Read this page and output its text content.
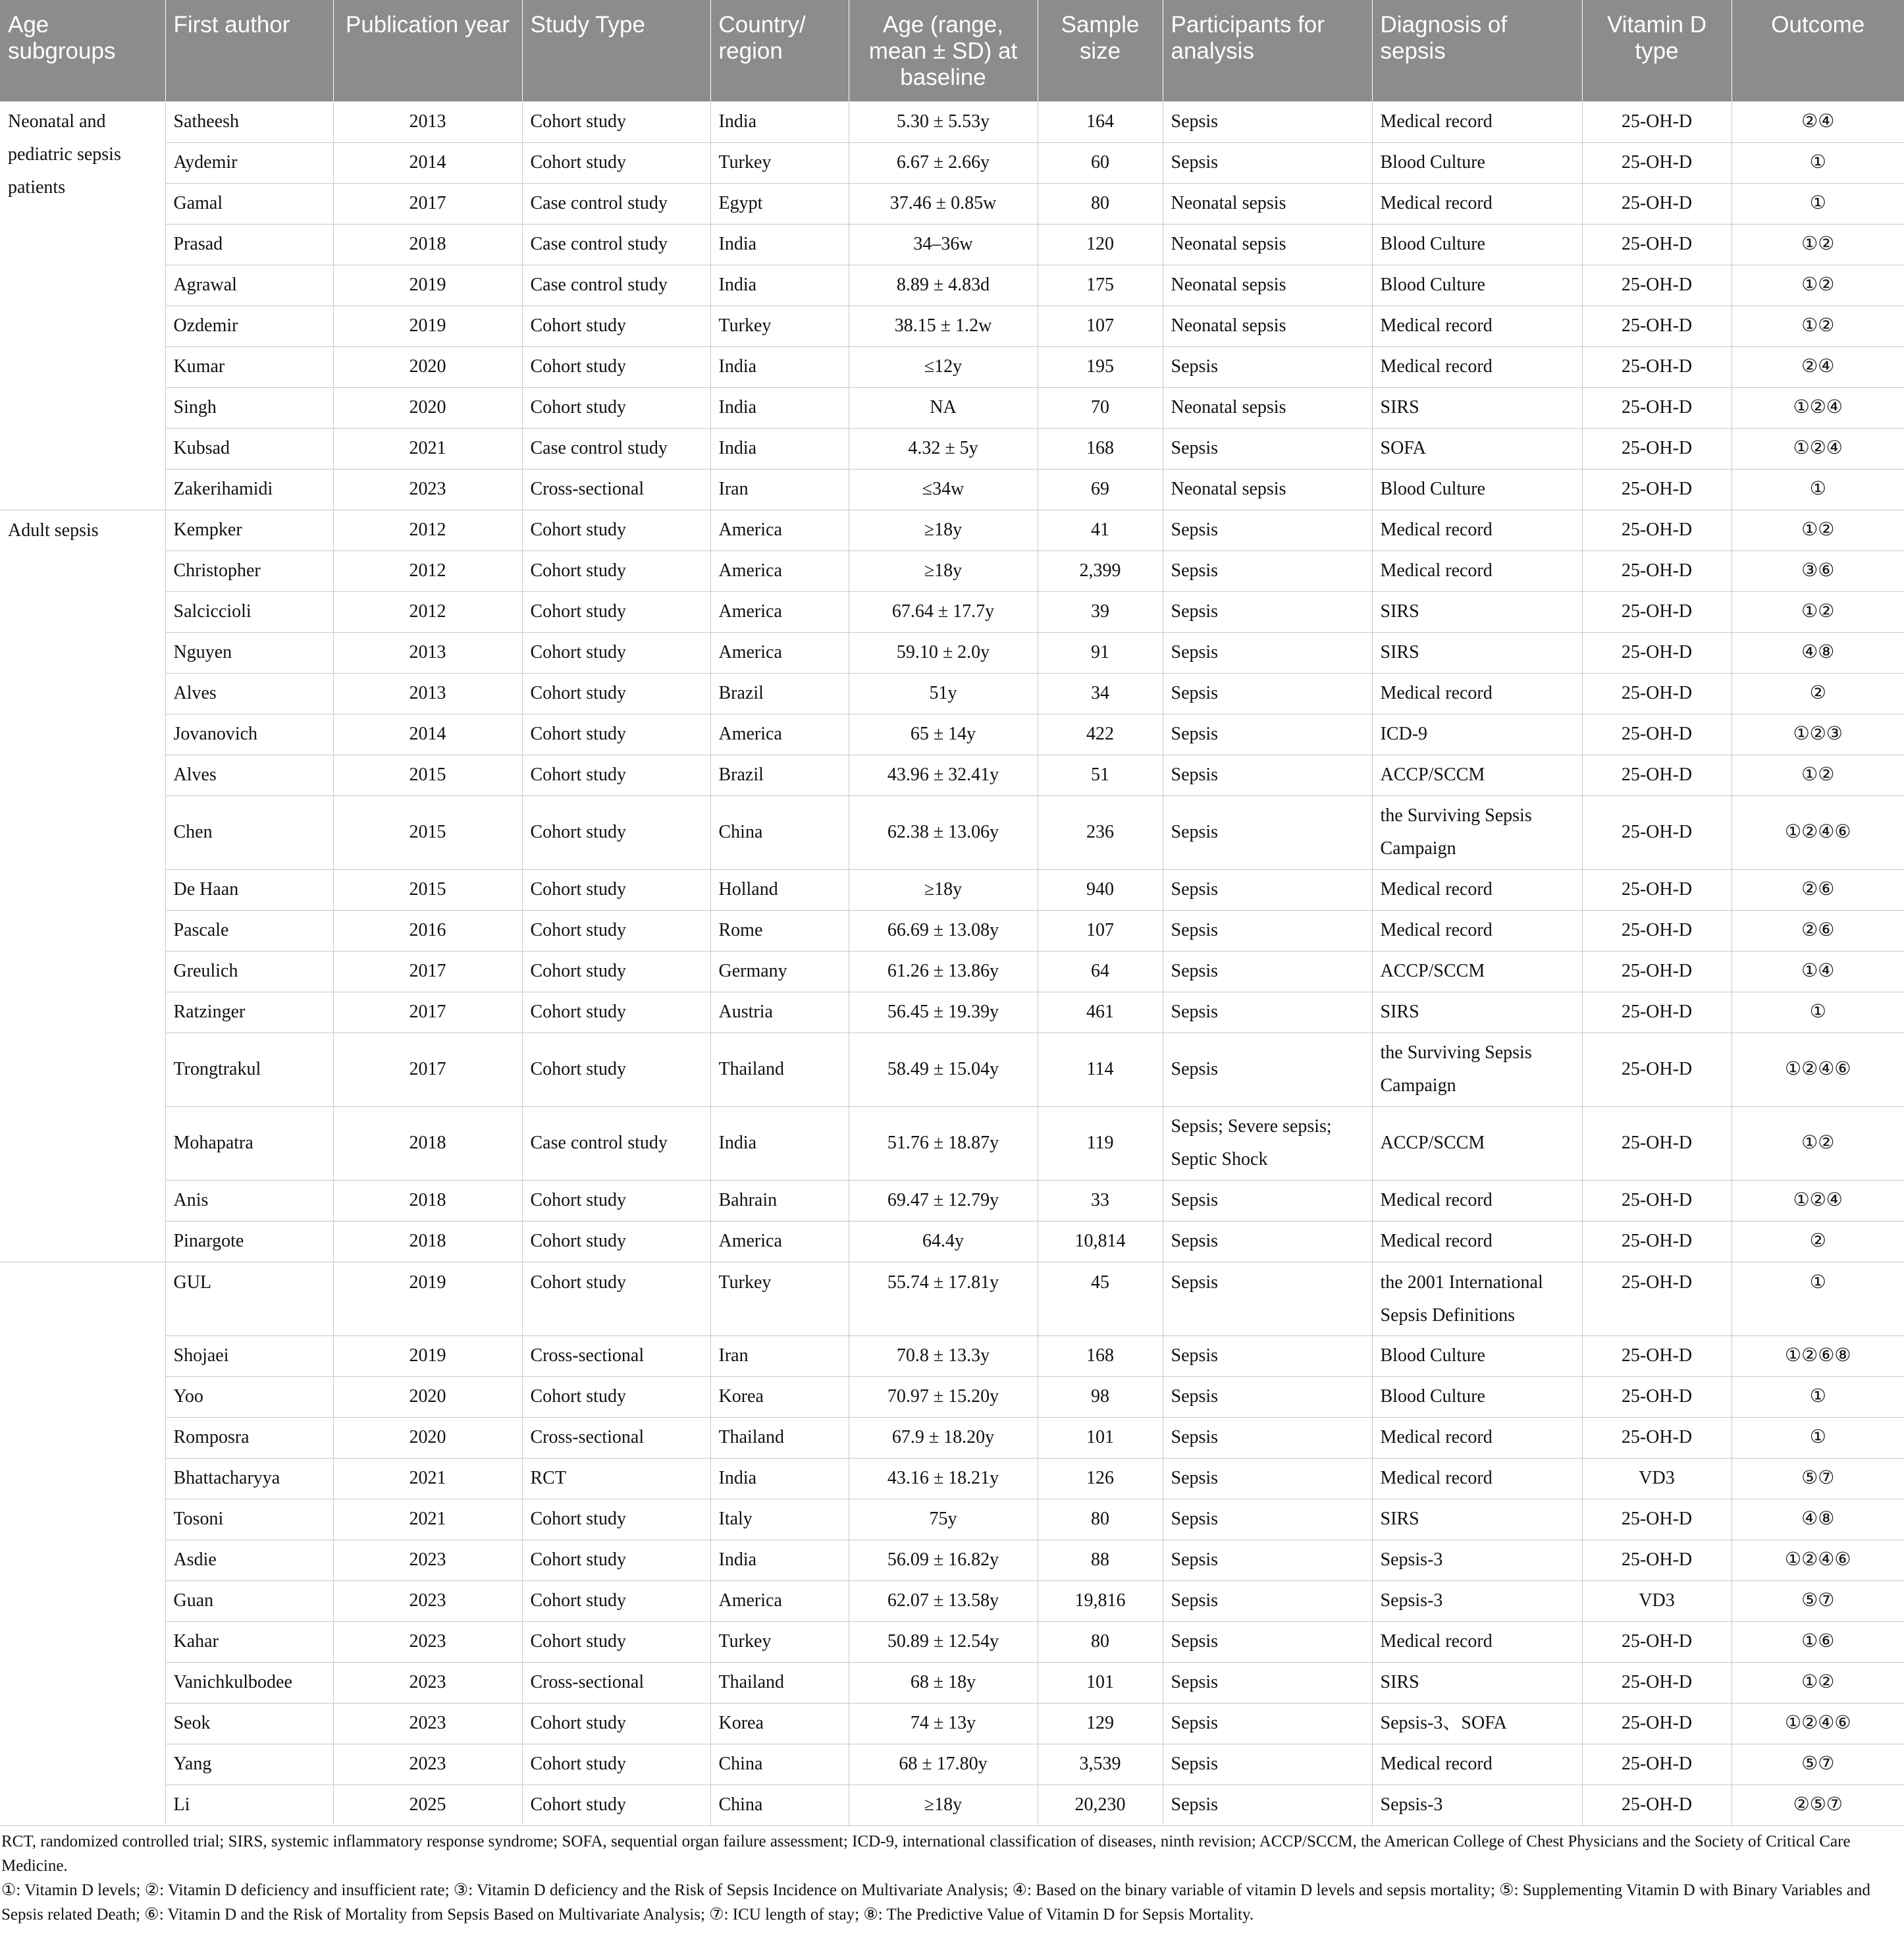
Age subgroups	First author	Publication year	Study Type	Country/ region	Age (range, mean ± SD) at baseline	Sample size	Participants for analysis	Diagnosis of sepsis	Vitamin D type	Outcome
Neonatal and pediatric sepsis patients	Satheesh	2013	Cohort study	India	5.30 ± 5.53y	164	Sepsis	Medical record	25-OH-D	②④
	Aydemir	2014	Cohort study	Turkey	6.67 ± 2.66y	60	Sepsis	Blood Culture	25-OH-D	①
	Gamal	2017	Case control study	Egypt	37.46 ± 0.85w	80	Neonatal sepsis	Medical record	25-OH-D	①
	Prasad	2018	Case control study	India	34–36w	120	Neonatal sepsis	Blood Culture	25-OH-D	①②
	Agrawal	2019	Case control study	India	8.89 ± 4.83d	175	Neonatal sepsis	Blood Culture	25-OH-D	①②
	Ozdemir	2019	Cohort study	Turkey	38.15 ± 1.2w	107	Neonatal sepsis	Medical record	25-OH-D	①②
	Kumar	2020	Cohort study	India	≤12y	195	Sepsis	Medical record	25-OH-D	②④
	Singh	2020	Cohort study	India	NA	70	Neonatal sepsis	SIRS	25-OH-D	①②④
	Kubsad	2021	Case control study	India	4.32 ± 5y	168	Sepsis	SOFA	25-OH-D	①②④
	Zakerihamidi	2023	Cross-sectional	Iran	≤34w	69	Neonatal sepsis	Blood Culture	25-OH-D	①
Adult sepsis	Kempker	2012	Cohort study	America	≥18y	41	Sepsis	Medical record	25-OH-D	①②
	Christopher	2012	Cohort study	America	≥18y	2,399	Sepsis	Medical record	25-OH-D	③⑥
	Salciccioli	2012	Cohort study	America	67.64 ± 17.7y	39	Sepsis	SIRS	25-OH-D	①②
	Nguyen	2013	Cohort study	America	59.10 ± 2.0y	91	Sepsis	SIRS	25-OH-D	④⑧
	Alves	2013	Cohort study	Brazil	51y	34	Sepsis	Medical record	25-OH-D	②
	Jovanovich	2014	Cohort study	America	65 ± 14y	422	Sepsis	ICD-9	25-OH-D	①②③
	Alves	2015	Cohort study	Brazil	43.96 ± 32.41y	51	Sepsis	ACCP/SCCM	25-OH-D	①②
	Chen	2015	Cohort study	China	62.38 ± 13.06y	236	Sepsis	the Surviving Sepsis Campaign	25-OH-D	①②④⑥
	De Haan	2015	Cohort study	Holland	≥18y	940	Sepsis	Medical record	25-OH-D	②⑥
	Pascale	2016	Cohort study	Rome	66.69 ± 13.08y	107	Sepsis	Medical record	25-OH-D	②⑥
	Greulich	2017	Cohort study	Germany	61.26 ± 13.86y	64	Sepsis	ACCP/SCCM	25-OH-D	①④
	Ratzinger	2017	Cohort study	Austria	56.45 ± 19.39y	461	Sepsis	SIRS	25-OH-D	①
	Trongtrakul	2017	Cohort study	Thailand	58.49 ± 15.04y	114	Sepsis	the Surviving Sepsis Campaign	25-OH-D	①②④⑥
	Mohapatra	2018	Case control study	India	51.76 ± 18.87y	119	Sepsis; Severe sepsis; Septic Shock	ACCP/SCCM	25-OH-D	①②
	Anis	2018	Cohort study	Bahrain	69.47 ± 12.79y	33	Sepsis	Medical record	25-OH-D	①②④
	Pinargote	2018	Cohort study	America	64.4y	10,814	Sepsis	Medical record	25-OH-D	②
	GUL	2019	Cohort study	Turkey	55.74 ± 17.81y	45	Sepsis	the 2001 International Sepsis Definitions	25-OH-D	①
	Shojaei	2019	Cross-sectional	Iran	70.8 ± 13.3y	168	Sepsis	Blood Culture	25-OH-D	①②⑥⑧
	Yoo	2020	Cohort study	Korea	70.97 ± 15.20y	98	Sepsis	Blood Culture	25-OH-D	①
	Romposra	2020	Cross-sectional	Thailand	67.9 ± 18.20y	101	Sepsis	Medical record	25-OH-D	①
	Bhattacharyya	2021	RCT	India	43.16 ± 18.21y	126	Sepsis	Medical record	VD3	⑤⑦
	Tosoni	2021	Cohort study	Italy	75y	80	Sepsis	SIRS	25-OH-D	④⑧
	Asdie	2023	Cohort study	India	56.09 ± 16.82y	88	Sepsis	Sepsis-3	25-OH-D	①②④⑥
	Guan	2023	Cohort study	America	62.07 ± 13.58y	19,816	Sepsis	Sepsis-3	VD3	⑤⑦
	Kahar	2023	Cohort study	Turkey	50.89 ± 12.54y	80	Sepsis	Medical record	25-OH-D	①⑥
	Vanichkulbodee	2023	Cross-sectional	Thailand	68 ± 18y	101	Sepsis	SIRS	25-OH-D	①②
	Seok	2023	Cohort study	Korea	74 ± 13y	129	Sepsis	Sepsis-3、SOFA	25-OH-D	①②④⑥
	Yang	2023	Cohort study	China	68 ± 17.80y	3,539	Sepsis	Medical record	25-OH-D	⑤⑦
	Li	2025	Cohort study	China	≥18y	20,230	Sepsis	Sepsis-3	25-OH-D	②⑤⑦

RCT, randomized controlled trial; SIRS, systemic inflammatory response syndrome; SOFA, sequential organ failure assessment; ICD-9, international classification of diseases, ninth revision; ACCP/SCCM, the American College of Chest Physicians and the Society of Critical Care Medicine.

①: Vitamin D levels; ②: Vitamin D deficiency and insufficient rate; ③: Vitamin D deficiency and the Risk of Sepsis Incidence on Multivariate Analysis; ④: Based on the binary variable of vitamin D levels and sepsis mortality; ⑤: Supplementing Vitamin D with Binary Variables and Sepsis related Death; ⑥: Vitamin D and the Risk of Mortality from Sepsis Based on Multivariate Analysis; ⑦: ICU length of stay; ⑧: The Predictive Value of Vitamin D for Sepsis Mortality.
